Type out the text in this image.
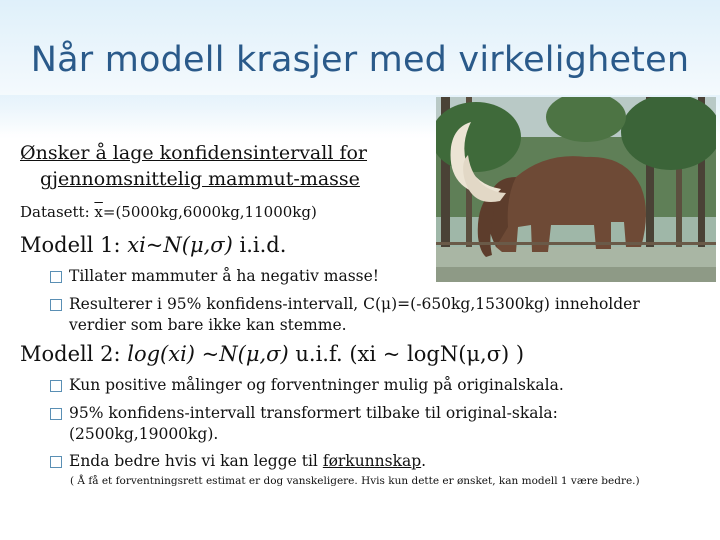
Når modell krasjer med virkeligheten
Ønsker å lage konfidensintervall for
gjennomsnittelig mammut-masse
Datasett: $\overline{x}=(5000kg,6000kg,11000kg)$
Modell 1: xi~N(μ,σ) i.i.d.
Tillater mammuter å ha negativ masse!
Resulterer i 95% konfidens-intervall, C(μ)=(-650kg,15300kg) inneholder verdier som bare ikke kan stemme.
Modell 2: log(xi) ~N(μ,σ) u.i.f. (xi ~ logN(μ,σ) )
Kun positive målinger og forventninger mulig på originalskala.
95% konfidens-intervall transformert tilbake til original-skala: (2500kg,19000kg).
Enda bedre hvis vi kan legge til førkunnskap.
( Å få et forventningsrett estimat er dog vanskeligere. Hvis kun dette er ønsket, kan modell 1 være bedre.)
